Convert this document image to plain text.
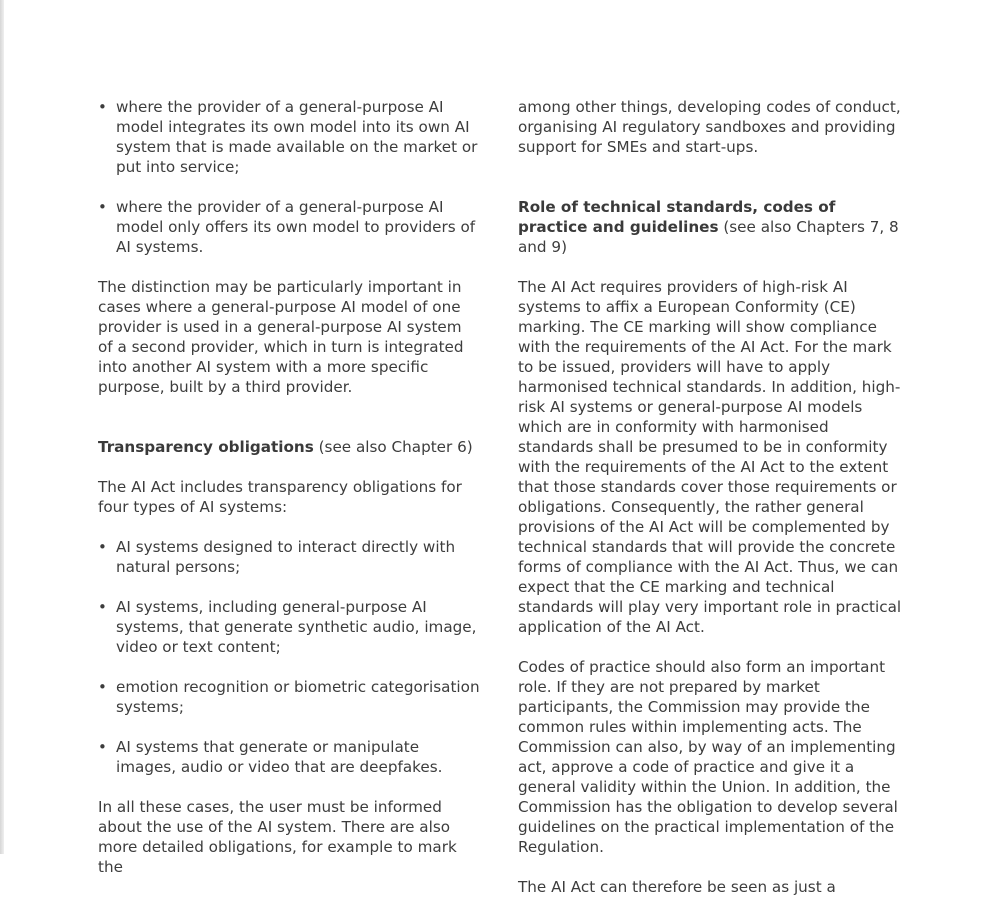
• where the provider of a general-purpose AI model integrates its own model into its own AI system that is made available on the market or put into service;
• where the provider of a general-purpose AI model only offers its own model to providers of AI systems.

The distinction may be particularly important in cases where a general-purpose AI model of one provider is used in a general-purpose AI system of a second provider, which in turn is integrated into another AI system with a more specific purpose, built by a third provider.

Transparency obligations (see also Chapter 6)

The AI Act includes transparency obligations for four types of AI systems:

• AI systems designed to interact directly with natural persons;
• AI systems, including general-purpose AI systems, that generate synthetic audio, image, video or text content;
• emotion recognition or biometric categorisation systems;
• AI systems that generate or manipulate images, audio or video that are deepfakes.

In all these cases, the user must be informed about the use of the AI system. There are also more detailed obligations, for example to mark the

among other things, developing codes of conduct, organising AI regulatory sandboxes and providing support for SMEs and start-ups.

Role of technical standards, codes of practice and guidelines (see also Chapters 7, 8 and 9)

The AI Act requires providers of high-risk AI systems to affix a European Conformity (CE) marking. The CE marking will show compliance with the requirements of the AI Act. For the mark to be issued, providers will have to apply harmonised technical standards. In addition, high-risk AI systems or general-purpose AI models which are in conformity with harmonised standards shall be presumed to be in conformity with the requirements of the AI Act to the extent that those standards cover those requirements or obligations. Consequently, the rather general provisions of the AI Act will be complemented by technical standards that will provide the concrete forms of compliance with the AI Act. Thus, we can expect that the CE marking and technical standards will play very important role in practical application of the AI Act.

Codes of practice should also form an important role. If they are not prepared by market participants, the Commission may provide the common rules within implementing acts. The Commission can also, by way of an implementing act, approve a code of practice and give it a general validity within the Union. In addition, the Commission has the obligation to develop several guidelines on the practical implementation of the Regulation.

The AI Act can therefore be seen as just a
